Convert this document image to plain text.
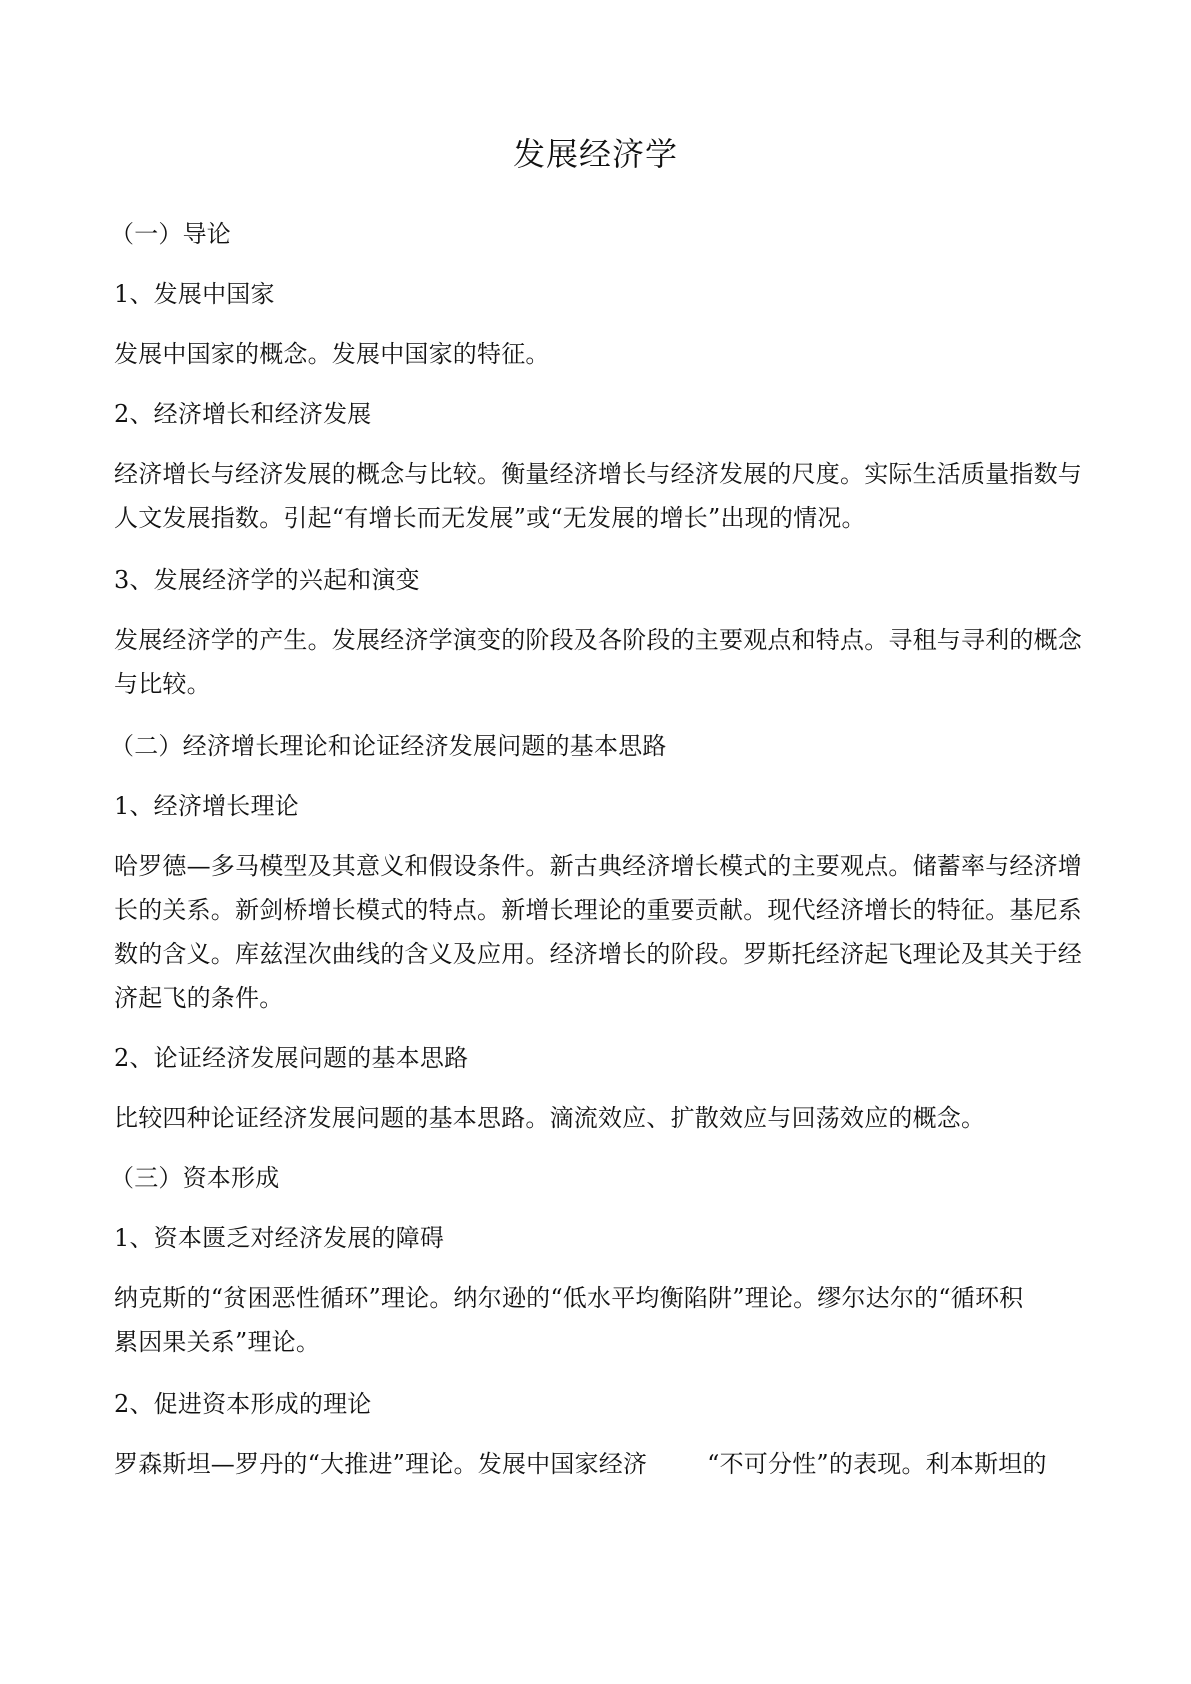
发展经济学
（一）导论
1、发展中国家
发展中国家的概念。发展中国家的特征。
2、经济增长和经济发展
经济增长与经济发展的概念与比较。衡量经济增长与经济发展的尺度。实际生活质量指数与
人文发展指数。引起“有增长而无发展”或“无发展的增长”出现的情况。
3、发展经济学的兴起和演变
发展经济学的产生。发展经济学演变的阶段及各阶段的主要观点和特点。寻租与寻利的概念
与比较。
（二）经济增长理论和论证经济发展问题的基本思路
1、经济增长理论
哈罗德—多马模型及其意义和假设条件。新古典经济增长模式的主要观点。储蓄率与经济增
长的关系。新剑桥增长模式的特点。新增长理论的重要贡献。现代经济增长的特征。基尼系
数的含义。库兹涅次曲线的含义及应用。经济增长的阶段。罗斯托经济起飞理论及其关于经
济起飞的条件。
2、论证经济发展问题的基本思路
比较四种论证经济发展问题的基本思路。滴流效应、扩散效应与回荡效应的概念。
（三）资本形成
1、资本匮乏对经济发展的障碍
纳克斯的“贫困恶性循环”理论。纳尔逊的“低水平均衡陷阱”理论。缪尔达尔的“循环积
累因果关系”理论。
2、促进资本形成的理论
罗森斯坦—罗丹的“大推进”理论。发展中国家经济	“不可分性”的表现。利本斯坦的
